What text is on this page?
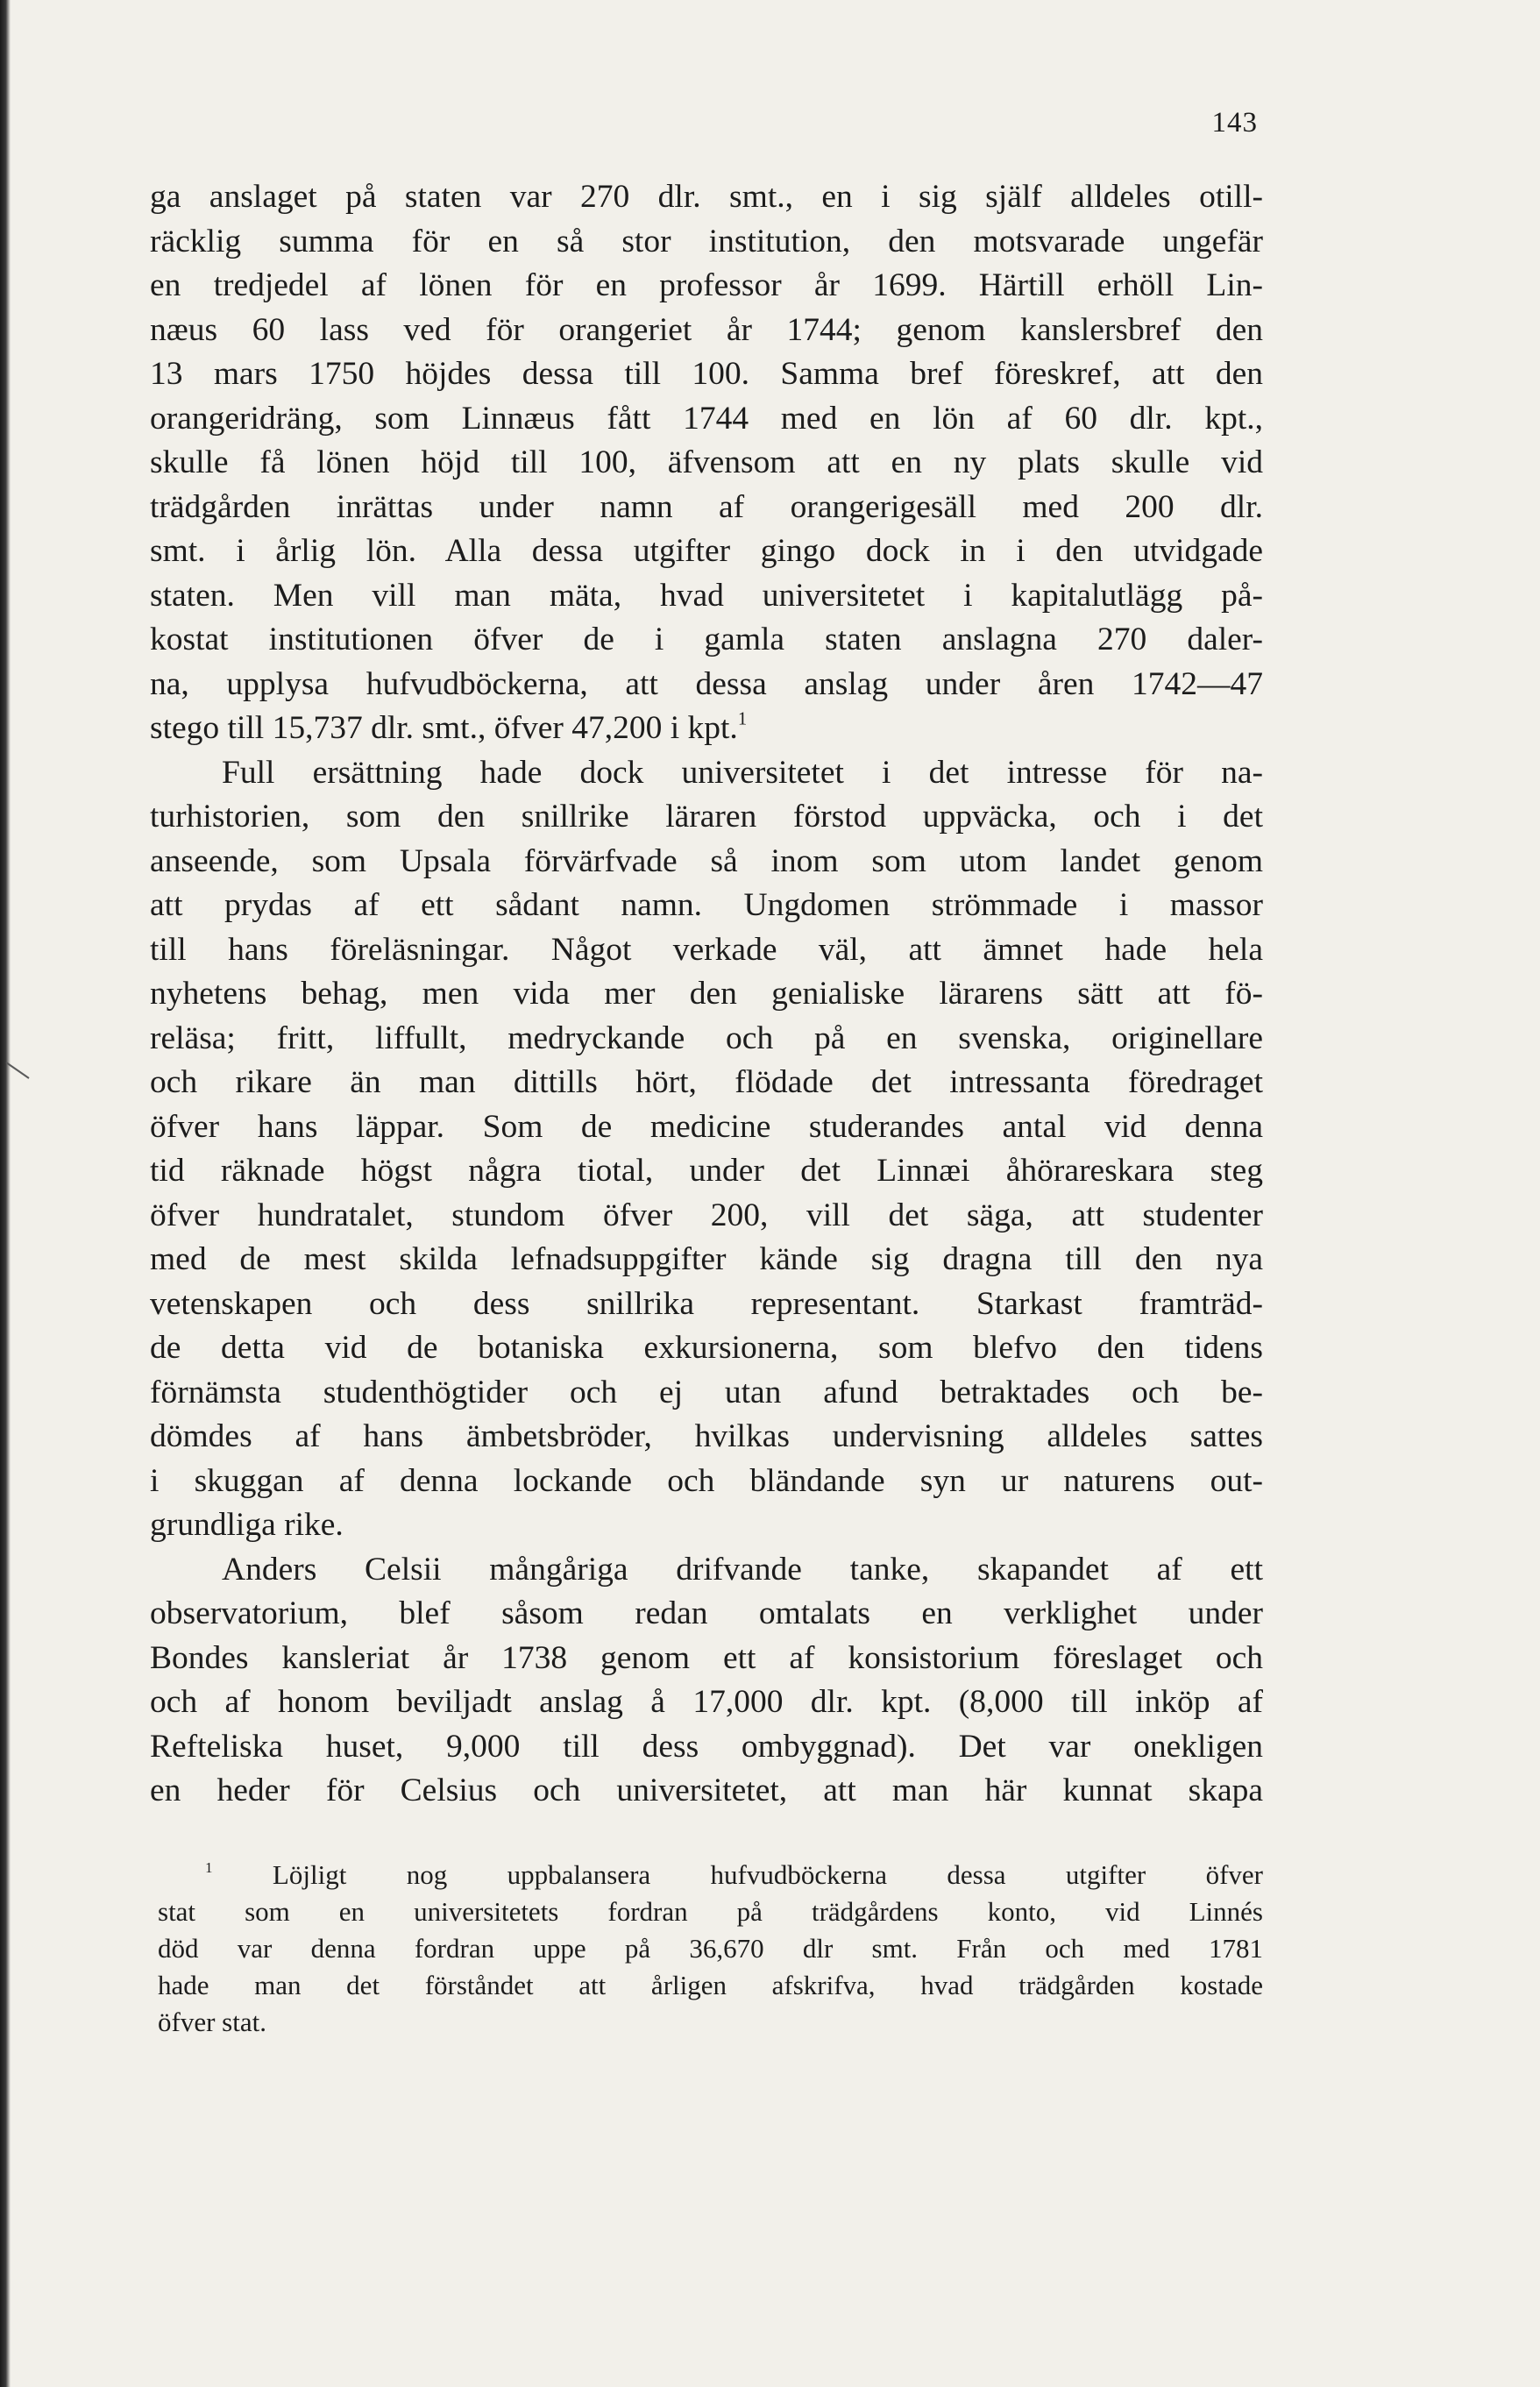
143
ga anslaget på staten var 270 dlr. smt., en i sig själf alldeles otill-
räcklig summa för en så stor institution, den motsvarade ungefär
en tredjedel af lönen för en professor år 1699. Härtill erhöll Lin-
næus 60 lass ved för orangeriet år 1744; genom kanslersbref den
13 mars 1750 höjdes dessa till 100. Samma bref föreskref, att den
orangeridräng, som Linnæus fått 1744 med en lön af 60 dlr. kpt.,
skulle få lönen höjd till 100, äfvensom att en ny plats skulle vid
trädgården inrättas under namn af orangerigesäll med 200 dlr.
smt. i årlig lön. Alla dessa utgifter gingo dock in i den utvidgade
staten. Men vill man mäta, hvad universitetet i kapitalutlägg på-
kostat institutionen öfver de i gamla staten anslagna 270 daler-
na, upplysa hufvudböckerna, att dessa anslag under åren 1742—47
stego till 15,737 dlr. smt., öfver 47,200 i kpt.$^1$
Full ersättning hade dock universitetet i det intresse för na-
turhistorien, som den snillrike läraren förstod uppväcka, och i det
anseende, som Upsala förvärfvade så inom som utom landet genom
att prydas af ett sådant namn. Ungdomen strömmade i massor
till hans föreläsningar. Något verkade väl, att ämnet hade hela
nyhetens behag, men vida mer den genialiske lärarens sätt att fö-
reläsa; fritt, liffullt, medryckande och på en svenska, originellare
och rikare än man dittills hört, flödade det intressanta föredraget
öfver hans läppar. Som de medicine studerandes antal vid denna
tid räknade högst några tiotal, under det Linnæi åhörareskara steg
öfver hundratalet, stundom öfver 200, vill det säga, att studenter
med de mest skilda lefnadsuppgifter kände sig dragna till den nya
vetenskapen och dess snillrika representant. Starkast framträd-
de detta vid de botaniska exkursionerna, som blefvo den tidens
förnämsta studenthögtider och ej utan afund betraktades och be-
dömdes af hans ämbetsbröder, hvilkas undervisning alldeles sattes
i skuggan af denna lockande och bländande syn ur naturens out-
grundliga rike.
Anders Celsii mångåriga drifvande tanke, skapandet af ett
observatorium, blef såsom redan omtalats en verklighet under
Bondes kansleriat år 1738 genom ett af konsistorium föreslaget och
och af honom beviljadt anslag å 17,000 dlr. kpt. (8,000 till inköp af
Refteliska huset, 9,000 till dess ombyggnad). Det var onekligen
en heder för Celsius och universitetet, att man här kunnat skapa
$^1$ Löjligt nog uppbalansera hufvudböckerna dessa utgifter öfver
stat som en universitetets fordran på trädgårdens konto, vid Linnés
död var denna fordran uppe på 36,670 dlr smt. Från och med 1781
hade man det förståndet att årligen afskrifva, hvad trädgården kostade
öfver stat.
